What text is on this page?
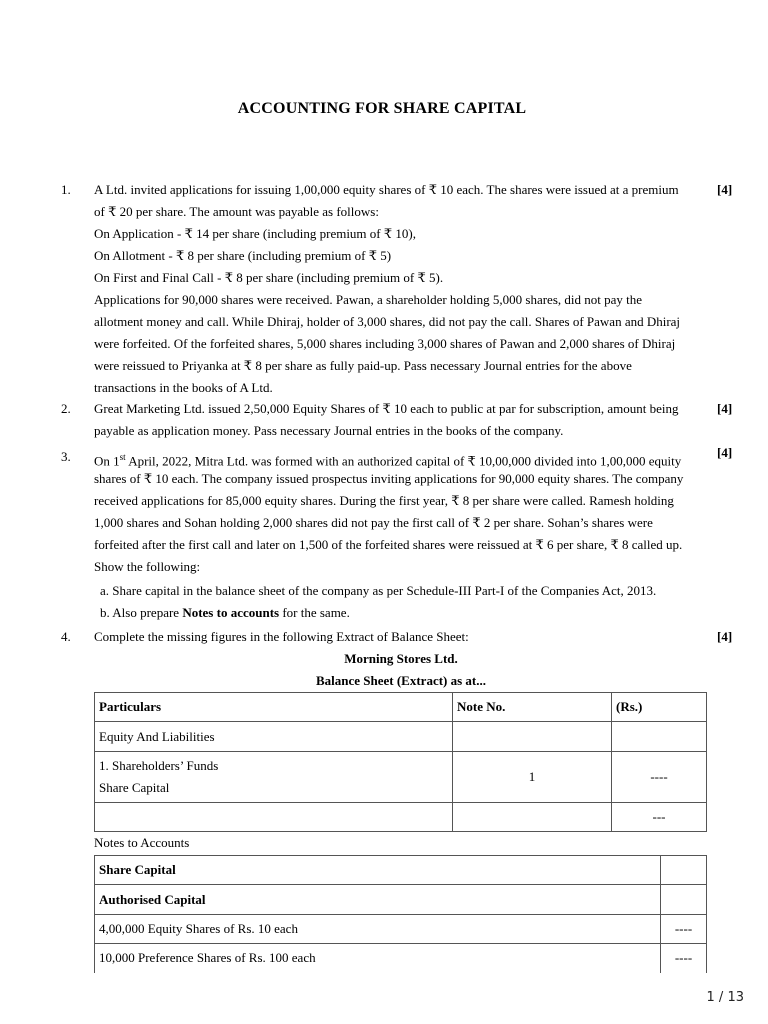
ACCOUNTING FOR SHARE CAPITAL
1. A Ltd. invited applications for issuing 1,00,000 equity shares of ₹ 10 each. The shares were issued at a premium
of ₹ 20 per share. The amount was payable as follows:
On Application - ₹ 14 per share (including premium of ₹ 10),
On Allotment - ₹ 8 per share (including premium of ₹ 5)
On First and Final Call - ₹ 8 per share (including premium of ₹ 5).
Applications for 90,000 shares were received. Pawan, a shareholder holding 5,000 shares, did not pay the
allotment money and call. While Dhiraj, holder of 3,000 shares, did not pay the call. Shares of Pawan and Dhiraj
were forfeited. Of the forfeited shares, 5,000 shares including 3,000 shares of Pawan and 2,000 shares of Dhiraj
were reissued to Priyanka at ₹ 8 per share as fully paid-up. Pass necessary Journal entries for the above
transactions in the books of A Ltd.
[4]
2. Great Marketing Ltd. issued 2,50,000 Equity Shares of ₹ 10 each to public at par for subscription, amount being
payable as application money. Pass necessary Journal entries in the books of the company.
[4]
3. On 1st April, 2022, Mitra Ltd. was formed with an authorized capital of ₹ 10,00,000 divided into 1,00,000 equity
shares of ₹ 10 each. The company issued prospectus inviting applications for 90,000 equity shares. The company
received applications for 85,000 equity shares. During the first year, ₹ 8 per share were called. Ramesh holding
1,000 shares and Sohan holding 2,000 shares did not pay the first call of ₹ 2 per share. Sohan’s shares were
forfeited after the first call and later on 1,500 of the forfeited shares were reissued at ₹ 6 per share, ₹ 8 called up.
Show the following:
a. Share capital in the balance sheet of the company as per Schedule-III Part-I of the Companies Act, 2013.
b. Also prepare Notes to accounts for the same.
[4]
4. Complete the missing figures in the following Extract of Balance Sheet:
Morning Stores Ltd.
Balance Sheet (Extract) as at...
[4]
Particulars	Note No.	(Rs.)
Equity And Liabilities		

1. Shareholders’ Funds
Share Capital	1	----
		---
Notes to Accounts
Share Capital	
Authorised Capital	
4,00,000 Equity Shares of Rs. 10 each	----
10,000 Preference Shares of Rs. 100 each	----
1 / 13
